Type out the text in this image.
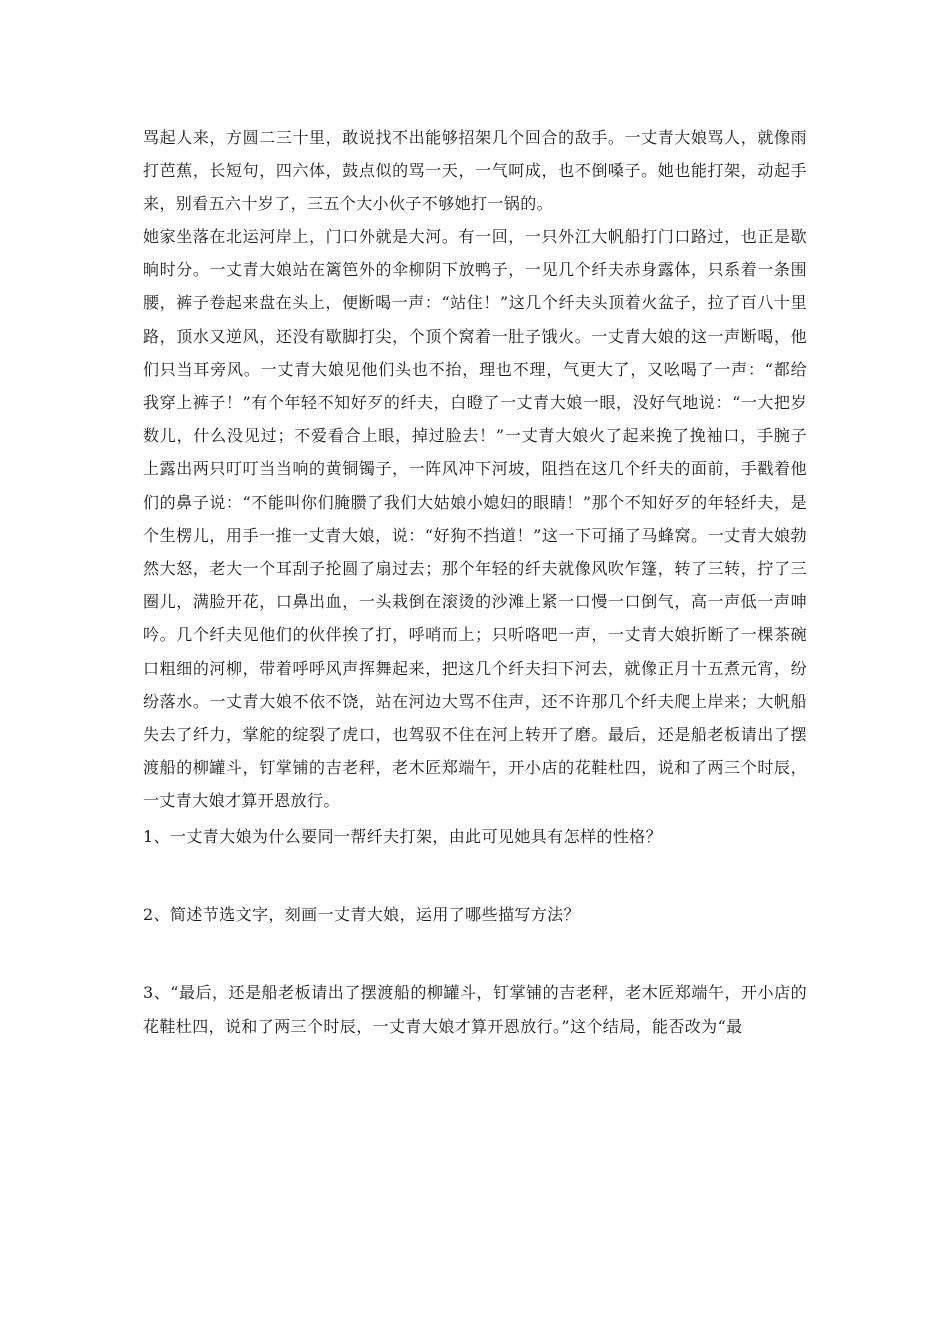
骂起人来，方圆二三十里，敢说找不出能够招架几个回合的敌手。一丈青大娘骂人，就像雨打芭蕉，长短句，四六体，鼓点似的骂一天，一气呵成，也不倒嗓子。她也能打架，动起手来，别看五六十岁了，三五个大小伙子不够她打一锅的。

她家坐落在北运河岸上，门口外就是大河。有一回，一只外江大帆船打门口路过，也正是歇晌时分。一丈青大娘站在篱笆外的伞柳阴下放鸭子，一见几个纤夫赤身露体，只系着一条围腰，裤子卷起来盘在头上，便断喝一声：“站住！”这几个纤夫头顶着火盆子，拉了百八十里路，顶水又逆风，还没有歇脚打尖，个顶个窝着一肚子饿火。一丈青大娘的这一声断喝，他们只当耳旁风。一丈青大娘见他们头也不抬，理也不理，气更大了，又吆喝了一声：“都给我穿上裤子！”有个年轻不知好歹的纤夫，白瞪了一丈青大娘一眼，没好气地说：“一大把岁数儿，什么没见过；不爱看合上眼，掉过脸去！”一丈青大娘火了起来挽了挽袖口，手腕子上露出两只叮叮当当响的黄铜镯子，一阵风冲下河坡，阻挡在这几个纤夫的面前，手戳着他们的鼻子说：“不能叫你们腌臜了我们大姑娘小媳妇的眼睛！”那个不知好歹的年轻纤夫，是个生楞儿，用手一推一丈青大娘，说：“好狗不挡道！”这一下可捅了马蜂窝。一丈青大娘勃然大怒，老大一个耳刮子抡圆了扇过去；那个年轻的纤夫就像风吹乍篷，转了三转，拧了三圈儿，满脸开花，口鼻出血，一头栽倒在滚烫的沙滩上紧一口慢一口倒气，高一声低一声呻吟。几个纤夫见他们的伙伴挨了打，呼哨而上；只听咯吧一声，一丈青大娘折断了一棵茶碗口粗细的河柳，带着呼呼风声挥舞起来，把这几个纤夫扫下河去，就像正月十五煮元宵，纷纷落水。一丈青大娘不依不饶，站在河边大骂不住声，还不许那几个纤夫爬上岸来；大帆船失去了纤力，掌舵的绽裂了虎口，也驾驭不住在河上转开了磨。最后，还是船老板请出了摆渡船的柳罐斗，钉掌铺的吉老秤，老木匠郑端午，开小店的花鞋杜四，说和了两三个时辰，一丈青大娘才算开恩放行。

1、一丈青大娘为什么要同一帮纤夫打架，由此可见她具有怎样的性格？

2、简述节选文字，刻画一丈青大娘，运用了哪些描写方法？

3、“最后，还是船老板请出了摆渡船的柳罐斗，钉掌铺的吉老秤，老木匠郑端午，开小店的花鞋杜四，说和了两三个时辰，一丈青大娘才算开恩放行。”这个结局，能否改为“最
